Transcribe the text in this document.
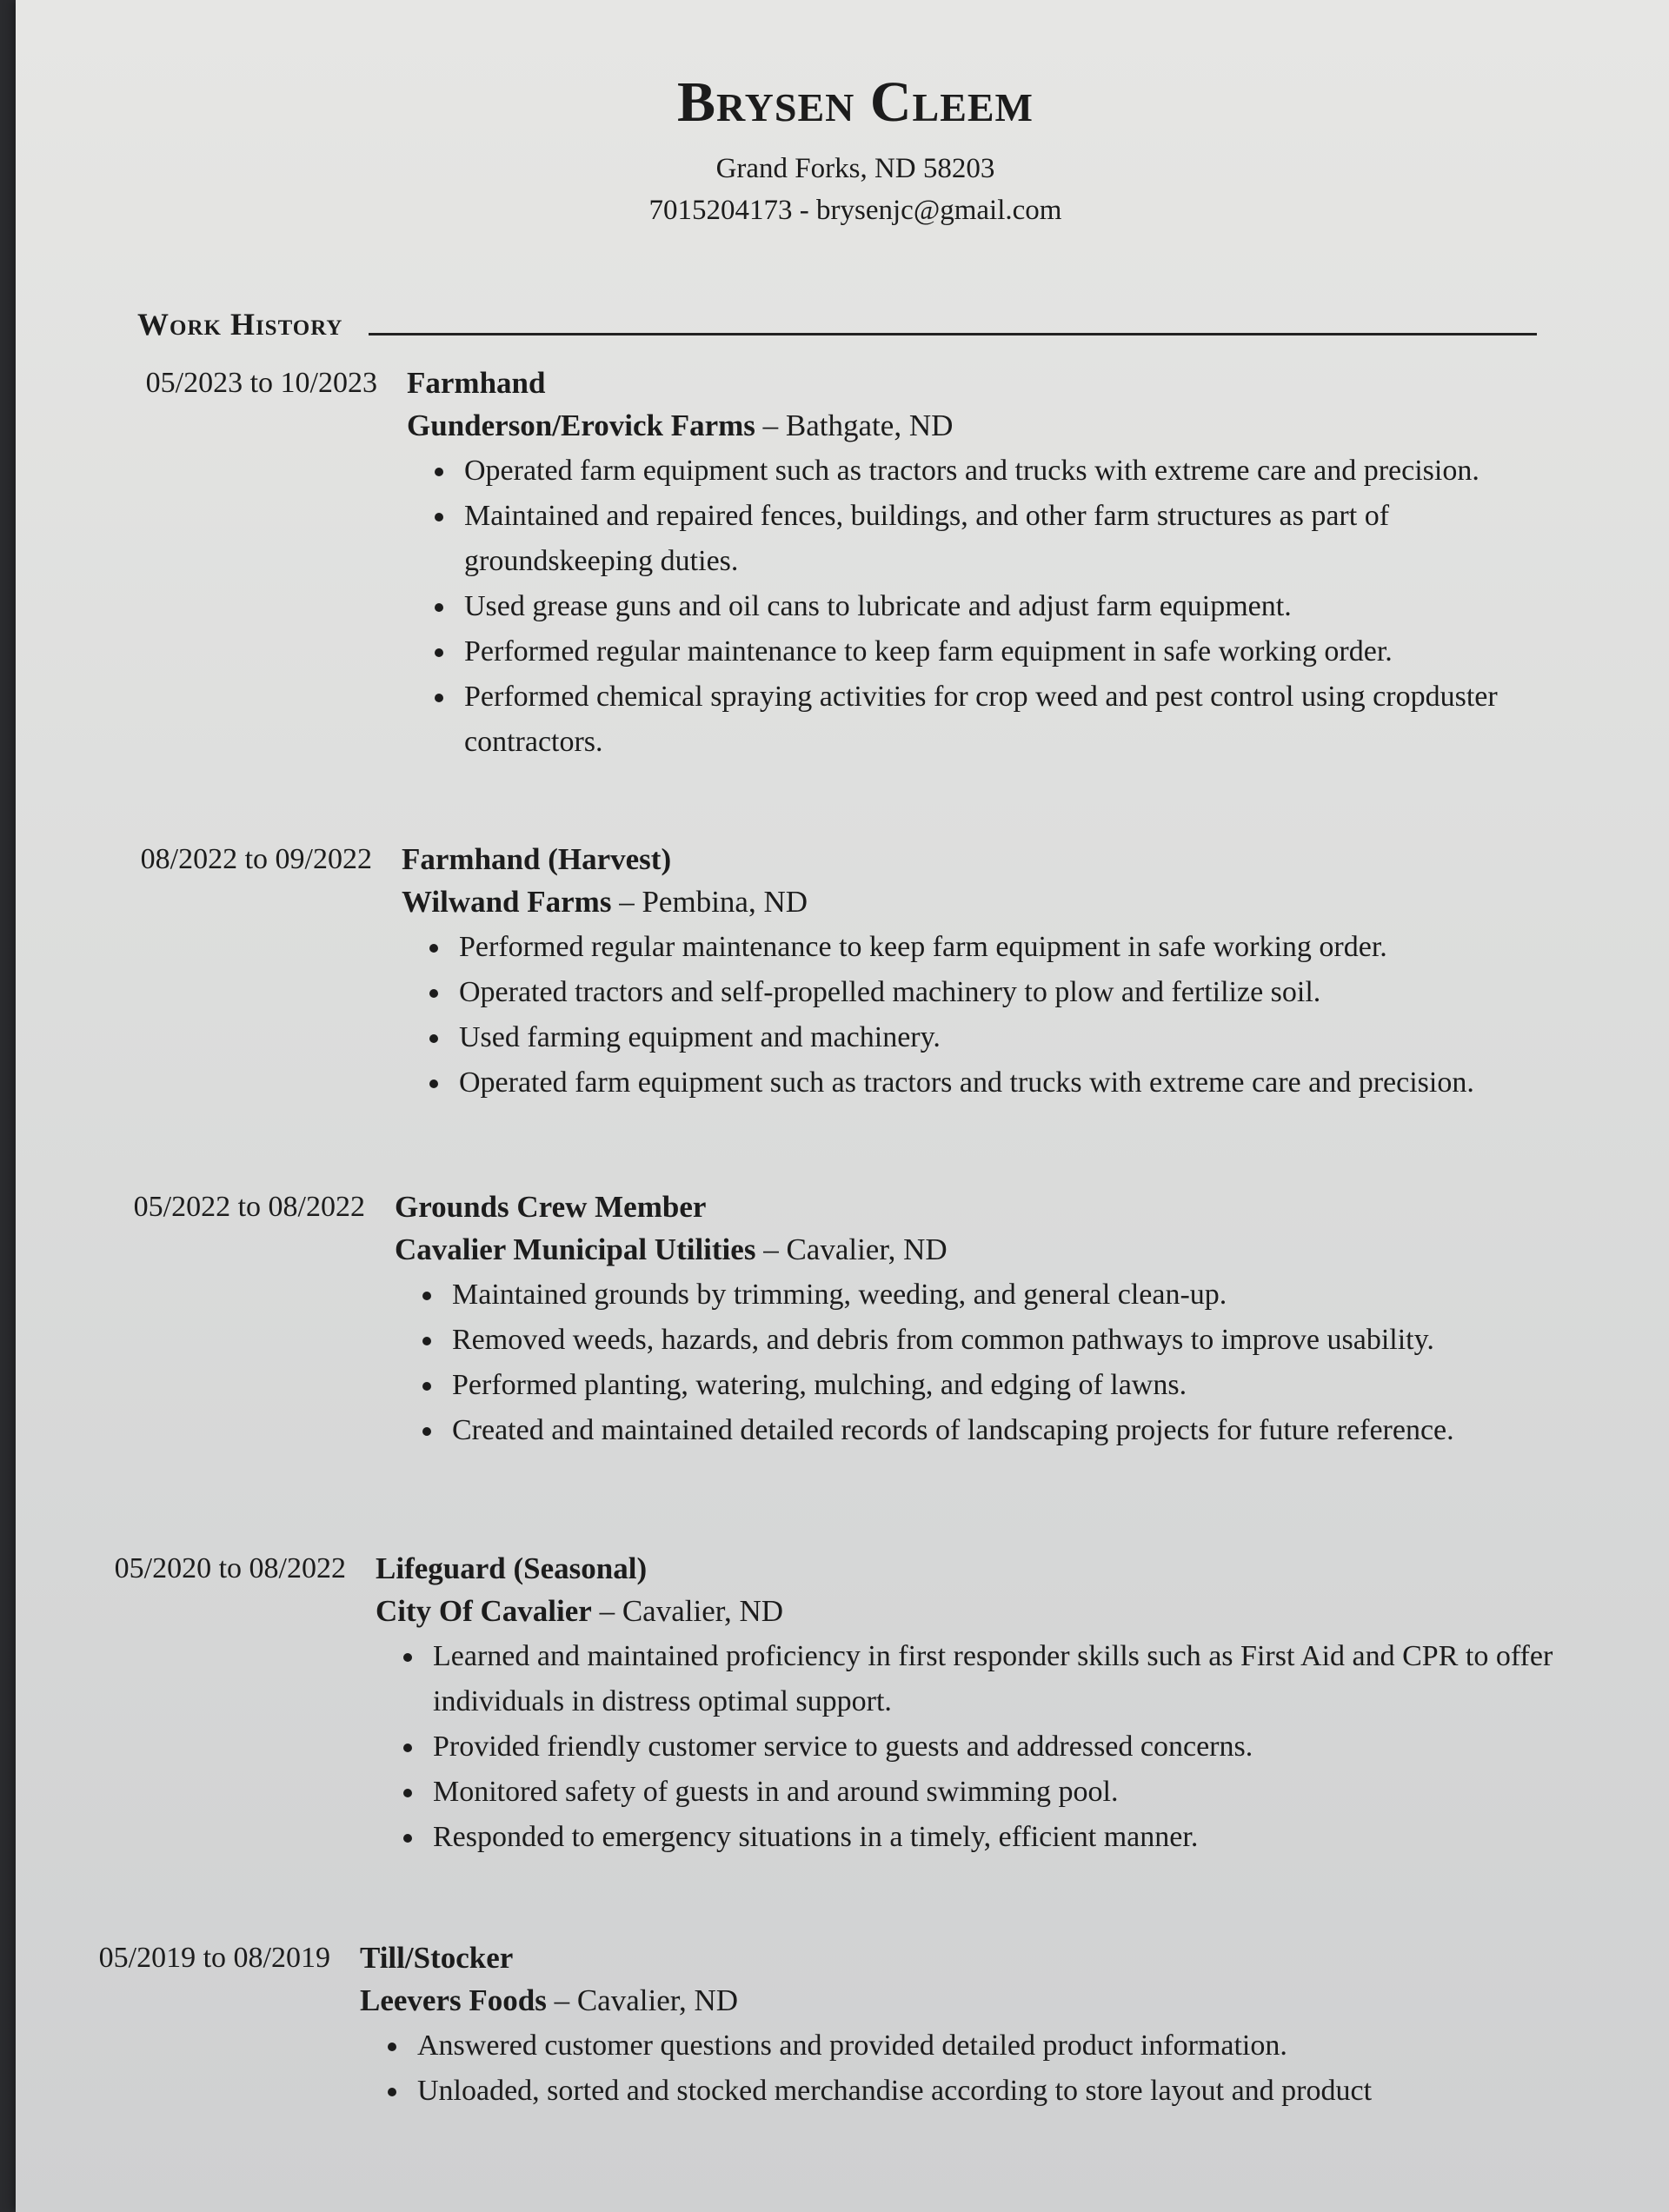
Brysen Cleem
Grand Forks, ND 58203
7015204173 - brysenjc@gmail.com
Work History
05/2023 to 10/2023 Farmhand
Gunderson/Erovick Farms – Bathgate, ND
Operated farm equipment such as tractors and trucks with extreme care and precision.
Maintained and repaired fences, buildings, and other farm structures as part of groundskeeping duties.
Used grease guns and oil cans to lubricate and adjust farm equipment.
Performed regular maintenance to keep farm equipment in safe working order.
Performed chemical spraying activities for crop weed and pest control using cropduster contractors.
08/2022 to 09/2022 Farmhand (Harvest)
Wilwand Farms – Pembina, ND
Performed regular maintenance to keep farm equipment in safe working order.
Operated tractors and self-propelled machinery to plow and fertilize soil.
Used farming equipment and machinery.
Operated farm equipment such as tractors and trucks with extreme care and precision.
05/2022 to 08/2022 Grounds Crew Member
Cavalier Municipal Utilities – Cavalier, ND
Maintained grounds by trimming, weeding, and general clean-up.
Removed weeds, hazards, and debris from common pathways to improve usability.
Performed planting, watering, mulching, and edging of lawns.
Created and maintained detailed records of landscaping projects for future reference.
05/2020 to 08/2022 Lifeguard (Seasonal)
City Of Cavalier – Cavalier, ND
Learned and maintained proficiency in first responder skills such as First Aid and CPR to offer individuals in distress optimal support.
Provided friendly customer service to guests and addressed concerns.
Monitored safety of guests in and around swimming pool.
Responded to emergency situations in a timely, efficient manner.
05/2019 to 08/2019 Till/Stocker
Leevers Foods – Cavalier, ND
Answered customer questions and provided detailed product information.
Unloaded, sorted and stocked merchandise according to store layout and product
